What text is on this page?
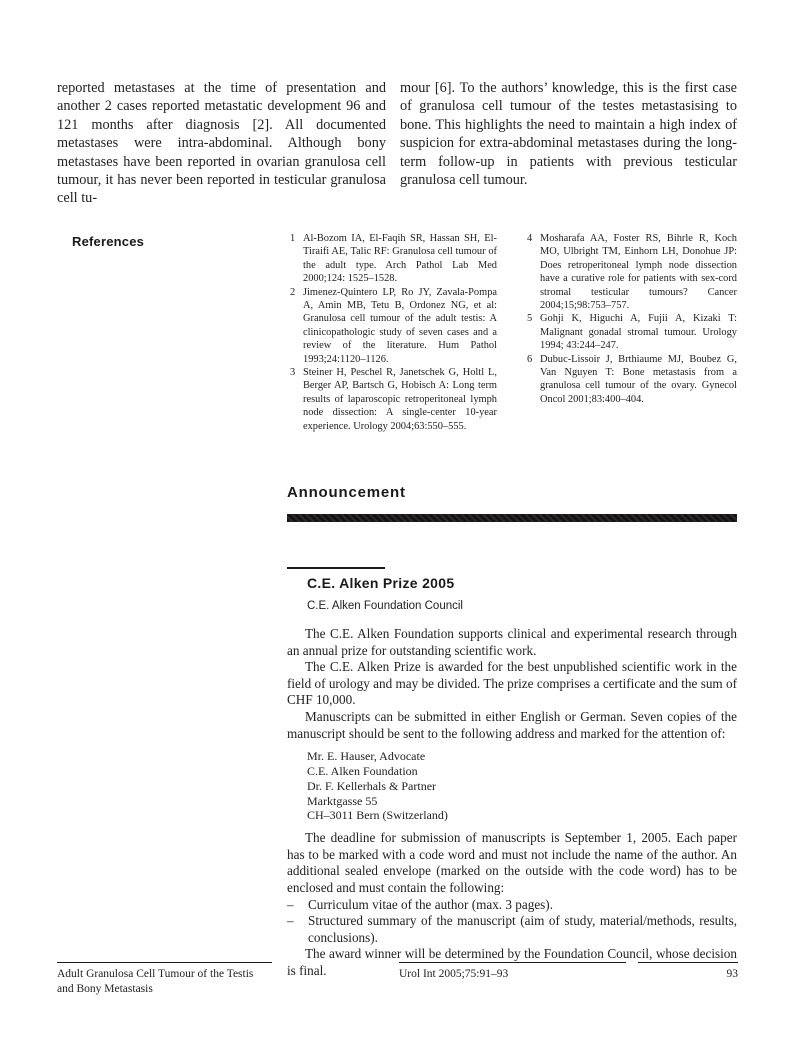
reported metastases at the time of presentation and another 2 cases reported metastatic development 96 and 121 months after diagnosis [2]. All documented metastases were intra-abdominal. Although bony metastases have been reported in ovarian granulosa cell tumour, it has never been reported in testicular granulosa cell tu-
mour [6]. To the authors’ knowledge, this is the first case of granulosa cell tumour of the testes metastasising to bone. This highlights the need to maintain a high index of suspicion for extra-abdominal metastases during the long-term follow-up in patients with previous testicular granulosa cell tumour.
References	1 Al-Bozom IA, El-Faqih SR, Hassan SH, El-Tiraifi AE, Talic RF: Granulosa cell tumour of the adult type. Arch Pathol Lab Med 2000;124: 1525–1528.
2 Jimenez-Quintero LP, Ro JY, Zavala-Pompa A, Amin MB, Tetu B, Ordonez NG, et al: Granulosa cell tumour of the adult testis: A clinicopathologic study of seven cases and a review of the literature. Hum Pathol 1993;24:1120–1126.
3 Steiner H, Peschel R, Janetschek G, Holtl L, Berger AP, Bartsch G, Hobisch A: Long term results of laparoscopic retroperitoneal lymph node dissection: A single-center 10-year experience. Urology 2004;63:550–555.
4 Mosharafa AA, Foster RS, Bihrle R, Koch MO, Ulbright TM, Einhorn LH, Donohue JP: Does retroperitoneal lymph node dissection have a curative role for patients with sex-cord stromal testicular tumours? Cancer 2004;15;98:753–757.
5 Gohji K, Higuchi A, Fujii A, Kizaki T: Malignant gonadal stromal tumour. Urology 1994; 43:244–247.
6 Dubuc-Lissoir J, Brthiaume MJ, Boubez G, Van Nguyen T: Bone metastasis from a granulosa cell tumour of the ovary. Gynecol Oncol 2001;83:400–404.
Announcement
C.E. Alken Prize 2005
C.E. Alken Foundation Council

The C.E. Alken Foundation supports clinical and experimental research through an annual prize for outstanding scientific work.

The C.E. Alken Prize is awarded for the best unpublished scientific work in the field of urology and may be divided. The prize comprises a certificate and the sum of CHF 10,000.

Manuscripts can be submitted in either English or German. Seven copies of the manuscript should be sent to the following address and marked for the attention of:

Mr. E. Hauser, Advocate
C.E. Alken Foundation
Dr. F. Kellerhals & Partner
Marktgasse 55
CH–3011 Bern (Switzerland)

The deadline for submission of manuscripts is September 1, 2005. Each paper has to be marked with a code word and must not include the name of the author. An additional sealed envelope (marked on the outside with the code word) has to be enclosed and must contain the following:

– Curriculum vitae of the author (max. 3 pages).
– Structured summary of the manuscript (aim of study, material/methods, results, conclusions).

The award winner will be determined by the Foundation Council, whose decision is final.

Adult Granulosa Cell Tumour of the Testis and Bony Metastasis
Urol Int 2005;75:91–93	93
